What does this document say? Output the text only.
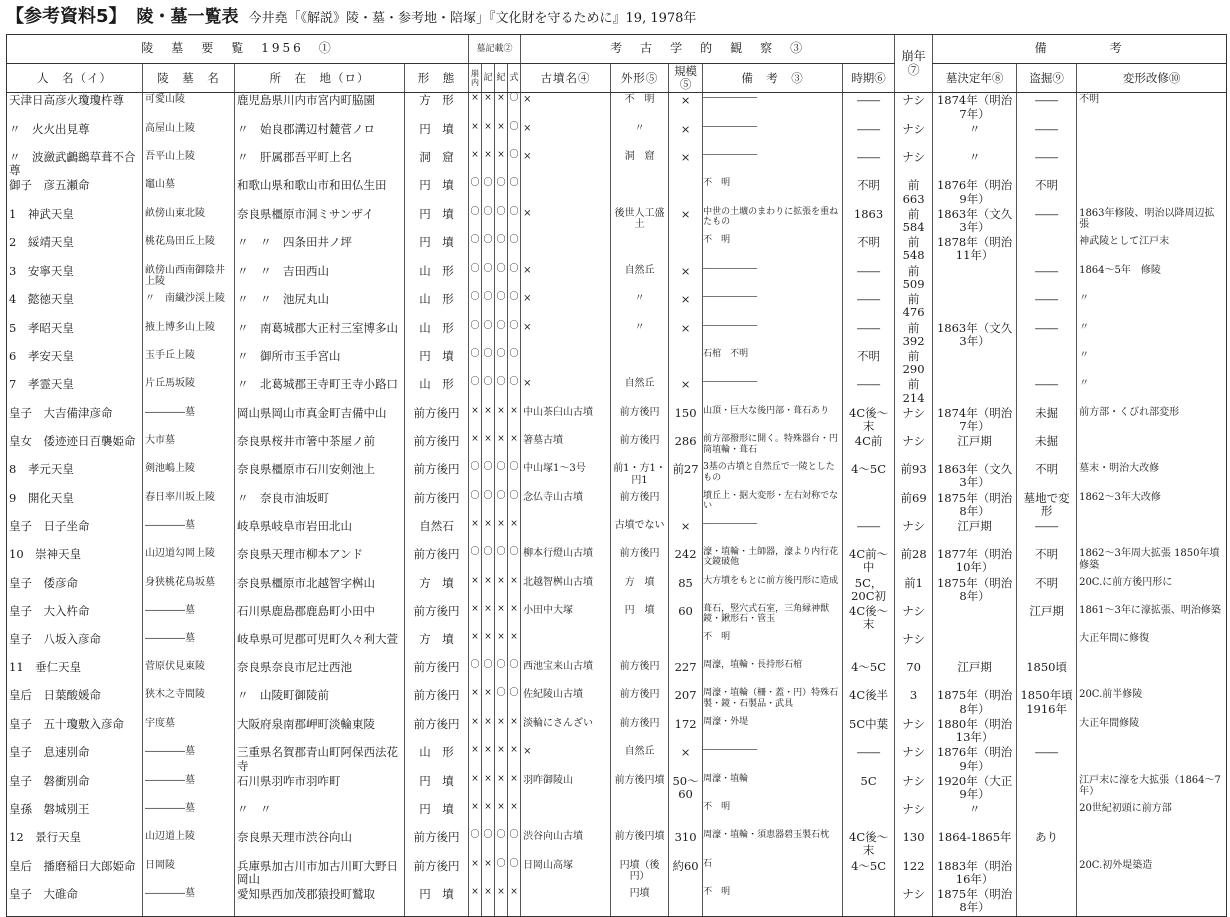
【参考資料5】 陵・墓一覧表 今井堯「《解説》陵・墓・参考地・陪塚」『文化財を守るために』19, 1978年
陵　墓　要　覧　1956　①				墓記載②				考　古　学　的　観　察　③					崩年⑦	備　　　　考		
人　名（イ）	陵　墓　名	所　在　地（ロ）	形　態	崩内	記	紀	式	古墳名④	外形⑤	規模⑤	備　考　③	時期⑥		墓決定年⑧	盗掘⑨	変形改修⑩
天津日高彦火瓊瓊杵尊	可愛山陵	鹿児島県川内市宮内町脇園	方　形	×	×	×	〇	×	不　明	×	――――――	――	ナシ	1874年（明治7年）	――	不明
〃　火火出見尊	高屋山上陵	〃　始良郡溝辺村麓菅ノロ	円　墳	×	×	×	〇	×	〃	×	――――――	――	ナシ	〃	――	
〃　波瀲武鸕鷀草葺不合尊	吾平山上陵	〃　肝属郡吾平町上名	洞　窟	×	×	×	〇	×	洞　窟	×	――――――	――	ナシ	〃	――	
御子　彦五瀬命	竈山墓	和歌山県和歌山市和田仏生田	円　墳	〇	〇	〇	〇				不　明	不明	前663	1876年（明治9年）	不明	
1　神武天皇	畝傍山東北陵	奈良県橿原市洞ミサンザイ	円　墳	〇	〇	〇	〇	×	後世人工盛土	×	中世の土壙のまわりに拡張を重ねたもの	1863	前584	1863年（文久3年）	――	1863年修陵、明治以降周辺拡張
2　綏靖天皇	桃花鳥田丘上陵	〃　〃　四条田井ノ坪	円　墳	〇	〇	〇	〇				不　明	不明	前548	1878年（明治11年）		神武陵として江戸末
3　安寧天皇	畝傍山西南御陰井上陵	〃　〃　吉田西山	山　形	〇	〇	〇	〇	×	自然丘	×	――――――	――	前509		――	1864～5年　修陵
4　懿徳天皇	〃　南繊沙渓上陵	〃　〃　池尻丸山	山　形	〇	〇	〇	〇	×	〃	×	――――――	――	前476		――	〃
5　孝昭天皇	掖上博多山上陵	〃　南葛城郡大正村三室博多山	山　形	〇	〇	〇	〇	×	〃	×	――――――	――	前392	1863年（文久3年）	――	〃
6　孝安天皇	玉手丘上陵	〃　御所市玉手宮山	円　墳	〇	〇	〇	〇				石棺　不明	不明	前290			〃
7　孝霊天皇	片丘馬坂陵	〃　北葛城郡王寺町王寺小路口	山　形	〇	〇	〇	〇	×	自然丘	×	――――――	――	前214		――	〃
皇子　大吉備津彦命	――――墓	岡山県岡山市真金町吉備中山	前方後円	×	×	×	×	中山茶臼山古墳	前方後円	150	山頂・巨大な後円部・葺石あり	4C後～末	ナシ	1874年（明治7年）	未掘	前方部・くびれ部変形
皇女　倭迹迹日百襲姫命	大市墓	奈良県桜井市箸中茶屋ノ前	前方後円	×	×	×	×	箸墓古墳	前方後円	286	前方部撥形に開く。特殊器台・円筒埴輪・葺石	4C前	ナシ	江戸期	未掘	
8　孝元天皇	剣池嶋上陵	奈良県橿原市石川安剣池上	前方後円	〇	〇	〇	〇	中山塚1～3号	前1・方1・円1	前27	3基の古墳と自然丘で一陵としたもの	4～5C	前93	1863年（文久3年）	不明	墓末・明治大改修
9　開化天皇	春日率川坂上陵	〃　奈良市油坂町	前方後円	〇	〇	〇	〇	念仏寺山古墳	前方後円		墳丘上・据大変形・左右対称でない		前69	1875年（明治8年）	墓地で変形	1862～3年大改修
皇子　日子坐命	――――墓	岐阜県岐阜市岩田北山	自然石	×	×	×	×		古墳でない	×	――――――	――	ナシ	江戸期	――	
10　崇神天皇	山辺道勾岡上陵	奈良県天理市柳本アンド	前方後円	〇	〇	〇	〇	柳本行燈山古墳	前方後円	242	濠・埴輪・土師器，濠より内行花文鏡破他	4C前～中	前28	1877年（明治10年）	不明	1862～3年周大拡張 1850年墳修築
皇子　倭彦命	身狭桃花鳥坂墓	奈良県橿原市北越智字桝山	方　墳	×	×	×	×	北越智桝山古墳	方　墳	85	大方墳をもとに前方後円形に造成	5C，20C初	前1	1875年（明治8年）	不明	20C.に前方後円形に
皇子　大入杵命	――――墓	石川県鹿島郡鹿島町小田中	前方後円	×	×	×	×	小田中大塚	円　墳	60	葺石，竪穴式石室，三角縁神獣鏡・鍬形石・管玉	4C後～末	ナシ		江戸期	1861～3年に濠拡張、明治修築
皇子　八坂入彦命	――――墓	岐阜県可児郡可児町久々利大萱	方　墳	×	×	×	×				不　明		ナシ			大正年間に修復
11　垂仁天皇	菅原伏見東陵	奈良県奈良市尼辻西池	前方後円	〇	〇	〇	〇	西池宝来山古墳	前方後円	227	周濠，埴輪・長持形石棺	4～5C	70	江戸期	1850頃	
皇后　日葉酸媛命	狭木之寺間陵	〃　山陵町御陵前	前方後円	×	×	〇	〇	佐紀陵山古墳	前方後円	207	周濠・埴輪（柵・蓋・円）特殊石製・鏡・石製品・武具	4C後半	3	1875年（明治8年）	1850年頃 1916年	20C.前半修陵
皇子　五十瓊敷入彦命	宇度墓	大阪府泉南郡岬町淡輪東陵	前方後円	×	×	×	×	淡輪にさんざい	前方後円	172	周濠・外堤	5C中葉	ナシ	1880年（明治13年）		大正年間修陵
皇子　息速別命	――――墓	三重県名賀郡青山町阿保西法花寺	山　形	×	×	×	×	×	自然丘	×	――――――	――	ナシ	1876年（明治9年）	――	
皇子　磐衝別命	――――墓	石川県羽咋市羽咋町	円　墳	×	×	×	×	羽咋御陵山	前方後円墳	50～60	周濠・埴輪	5C	ナシ	1920年（大正9年）		江戸末に濠を大拡張（1864～7年）
皇孫　磐城別王	――――墓	〃　〃	円　墳	×	×	×	×				不　明		ナシ	〃		20世紀初頭に前方部
12　景行天皇	山辺道上陵	奈良県天理市渋谷向山	前方後円	〇	〇	〇	〇	渋谷向山古墳	前方後円墳	310	周濠・埴輪・須恵器碧玉製石枕	4C後～末	130	1864-1865年	あり	
皇后　播磨稲日大郎姫命	日岡陵	兵庫県加古川市加古川町大野日岡山	前方後円	×	×	〇	〇	日岡山高塚	円墳（後円）	約60	石	4～5C	122	1883年（明治16年）		20C.初外堤築造
皇子　大碓命	――――墓	愛知県西加茂郡猿投町鷲取	円　墳	×	×	×	×		円墳		不　明		ナシ	1875年（明治8年）		
